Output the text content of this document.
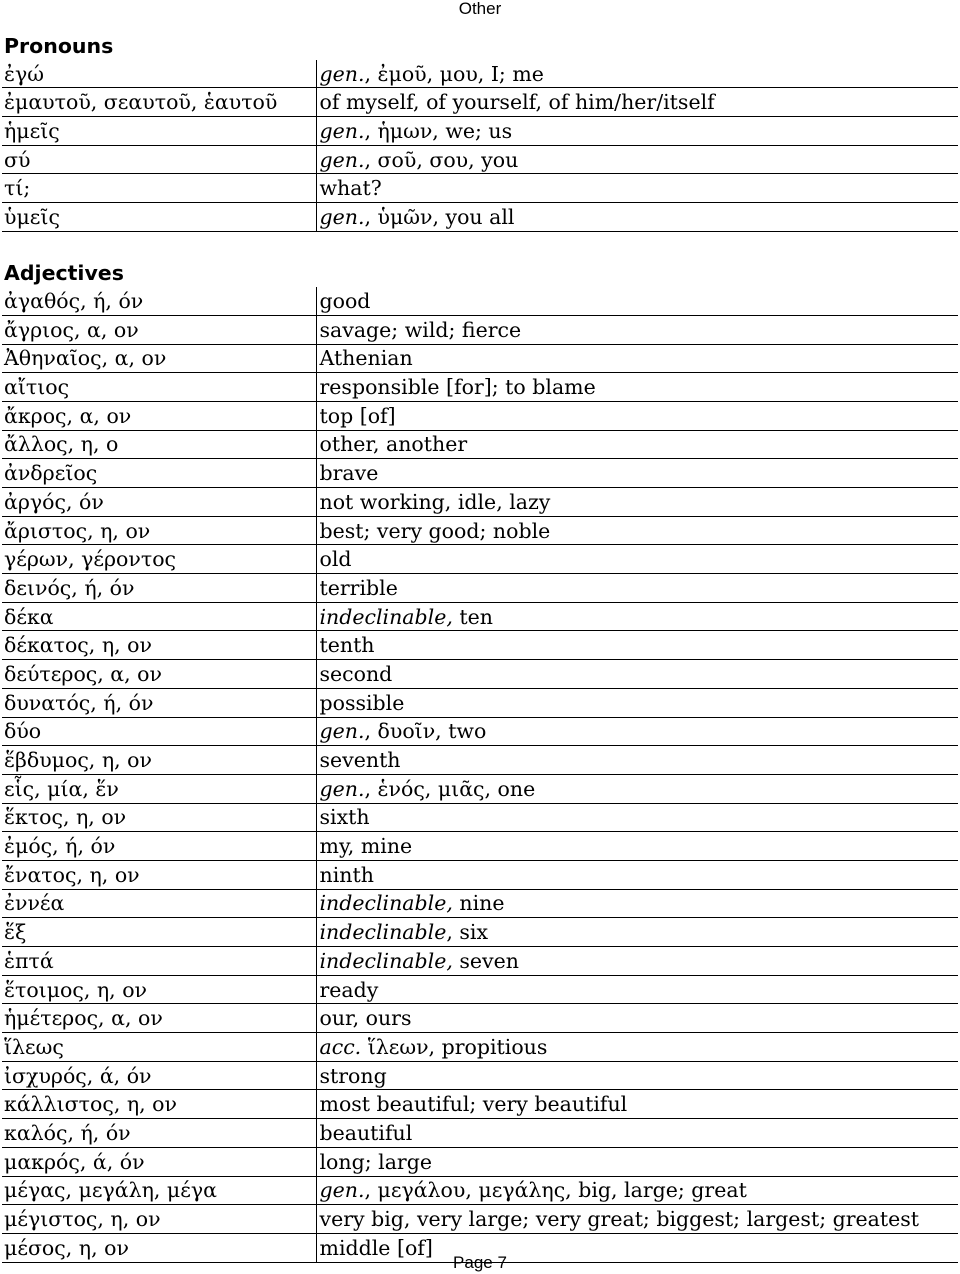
Other
Pronouns	
ἐγώ	gen., ἐμοῦ, μου, I; me
ἐμαυτοῦ, σεαυτοῦ, ἑαυτοῦ	of myself, of yourself, of him/her/itself
ἡμεῖς	gen., ἡμων, we; us
σύ	gen., σοῦ, σου, you
τί;	what?
ὑμεῖς	gen., ὑμῶν, you all

Adjectives	
ἀγαθός, ή, όν	good
ἄγριος, α, ον	savage; wild; fierce
Ἀθηναῖος, α, ον	Athenian
αἴτιος	responsible [for]; to blame
ἄκρος, α, ον	top [of]
ἄλλος, η, ο	other, another
ἀνδρεῖος	brave
ἀργός, όν	not working, idle, lazy
ἄριστος, η, ον	best; very good; noble
γέρων, γέροντος	old
δεινός, ή, όν	terrible
δέκα	indeclinable, ten
δέκατος, η, ον	tenth
δεύτερος, α, ον	second
δυνατός, ή, όν	possible
δύο	gen., δυοῖν, two
ἕβδυμος, η, ον	seventh
εἷς, μία, ἕν	gen., ἑνός, μιᾶς, one
ἕκτος, η, ον	sixth
ἐμός, ή, όν	my, mine
ἔνατος, η, ον	ninth
ἐννέα	indeclinable, nine
ἕξ	indeclinable, six
ἑπτά	indeclinable, seven
ἕτοιμος, η, ον	ready
ἡμέτερος, α, ον	our, ours
ἵλεως	acc. ἵλεων, propitious
ἰσχυρός, ά, όν	strong
κάλλιστος, η, ον	most beautiful; very beautiful
καλός, ή, όν	beautiful
μακρός, ά, όν	long; large
μέγας, μεγάλη, μέγα	gen., μεγάλου, μεγάλης, big, large; great
μέγιστος, η, ον	very big, very large; very great; biggest; largest; greatest
μέσος, η, ον	middle [of]
Page 7
